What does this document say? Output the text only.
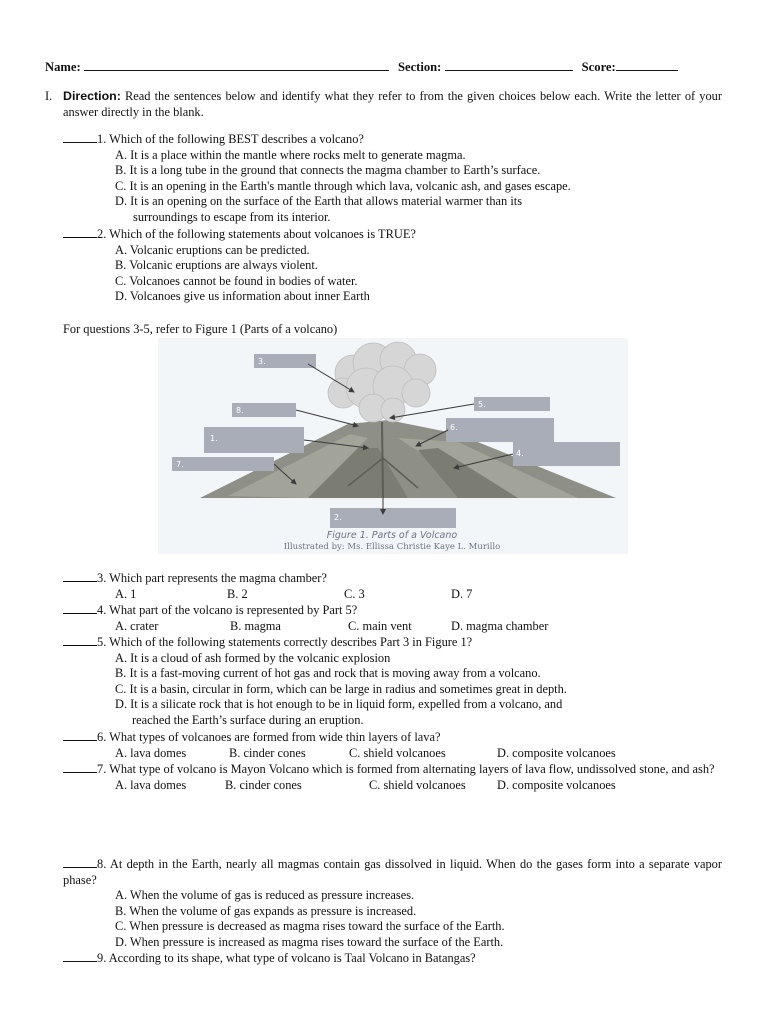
Name:	Section:	Score:
I. Direction: Read the sentences below and identify what they refer to from the given choices below each. Write the letter of your answer directly in the blank.
1. Which of the following BEST describes a volcano?
A. It is a place within the mantle where rocks melt to generate magma.
B. It is a long tube in the ground that connects the magma chamber to Earth’s surface.
C. It is an opening in the Earth's mantle through which lava, volcanic ash, and gases escape.
D. It is an opening on the surface of the Earth that allows material warmer than its
surroundings to escape from its interior.
2. Which of the following statements about volcanoes is TRUE?
A. Volcanic eruptions can be predicted.
B. Volcanic eruptions are always violent.
C. Volcanoes cannot be found in bodies of water.
D. Volcanoes give us information about inner Earth
For questions 3-5, refer to Figure 1 (Parts of a volcano)
3.
8.
5.
6.
1.
4.
7.
2.
Figure 1. Parts of a Volcano
Illustrated by: Ms. Ellissa Christie Kaye L. Murillo
3. Which part represents the magma chamber?
A. 1	B. 2	C. 3	D. 7
4. What part of the volcano is represented by Part 5?
A. crater	B. magma	C. main vent	D. magma chamber
5. Which of the following statements correctly describes Part 3 in Figure 1?
A. It is a cloud of ash formed by the volcanic explosion
B. It is a fast-moving current of hot gas and rock that is moving away from a volcano.
C. It is a basin, circular in form, which can be large in radius and sometimes great in depth.
D. It is a silicate rock that is hot enough to be in liquid form, expelled from a volcano, and
reached the Earth’s surface during an eruption.
6. What types of volcanoes are formed from wide thin layers of lava?
A. lava domes	B. cinder cones	C. shield volcanoes	D. composite volcanoes
7. What type of volcano is Mayon Volcano which is formed from alternating layers of lava flow, undissolved stone, and ash?
A. lava domes	B. cinder cones	C. shield volcanoes	D. composite volcanoes
8. At depth in the Earth, nearly all magmas contain gas dissolved in liquid. When do the gases form into a separate vapor phase?
A. When the volume of gas is reduced as pressure increases.
B. When the volume of gas expands as pressure is increased.
C. When pressure is decreased as magma rises toward the surface of the Earth.
D. When pressure is increased as magma rises toward the surface of the Earth.
9. According to its shape, what type of volcano is Taal Volcano in Batangas?
